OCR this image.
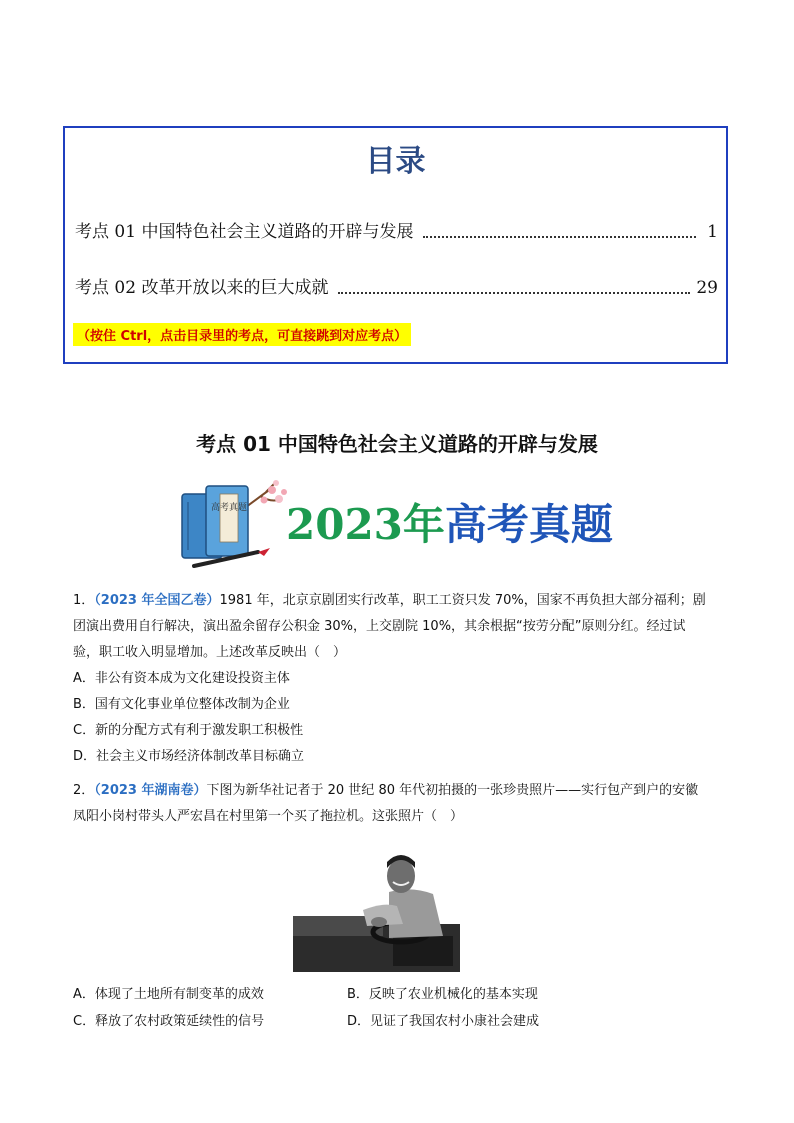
目录
考点 01 中国特色社会主义道路的开辟与发展	1
考点 02 改革开放以来的巨大成就	29
（按住 Ctrl，点击目录里的考点，可直接跳到对应考点）
考点 01 中国特色社会主义道路的开辟与发展
高考真题 2023年高考真题
1．（2023 年全国乙卷）1981 年，北京京剧团实行改革，职工工资只发 70%，国家不再负担大部分福利；剧
团演出费用自行解决，演出盈余留存公积金 30%，上交剧院 10%，其余根据“按劳分配”原则分红。经过试
验，职工收入明显增加。上述改革反映出（　）
A．非公有资本成为文化建设投资主体
B．国有文化事业单位整体改制为企业
C．新的分配方式有利于激发职工积极性
D．社会主义市场经济体制改革目标确立
2．（2023 年湖南卷）下图为新华社记者于 20 世纪 80 年代初拍摄的一张珍贵照片——实行包产到户的安徽
凤阳小岗村带头人严宏昌在村里第一个买了拖拉机。这张照片（　）
A．体现了土地所有制变革的成效	B．反映了农业机械化的基本实现
C．释放了农村政策延续性的信号	D．见证了我国农村小康社会建成
